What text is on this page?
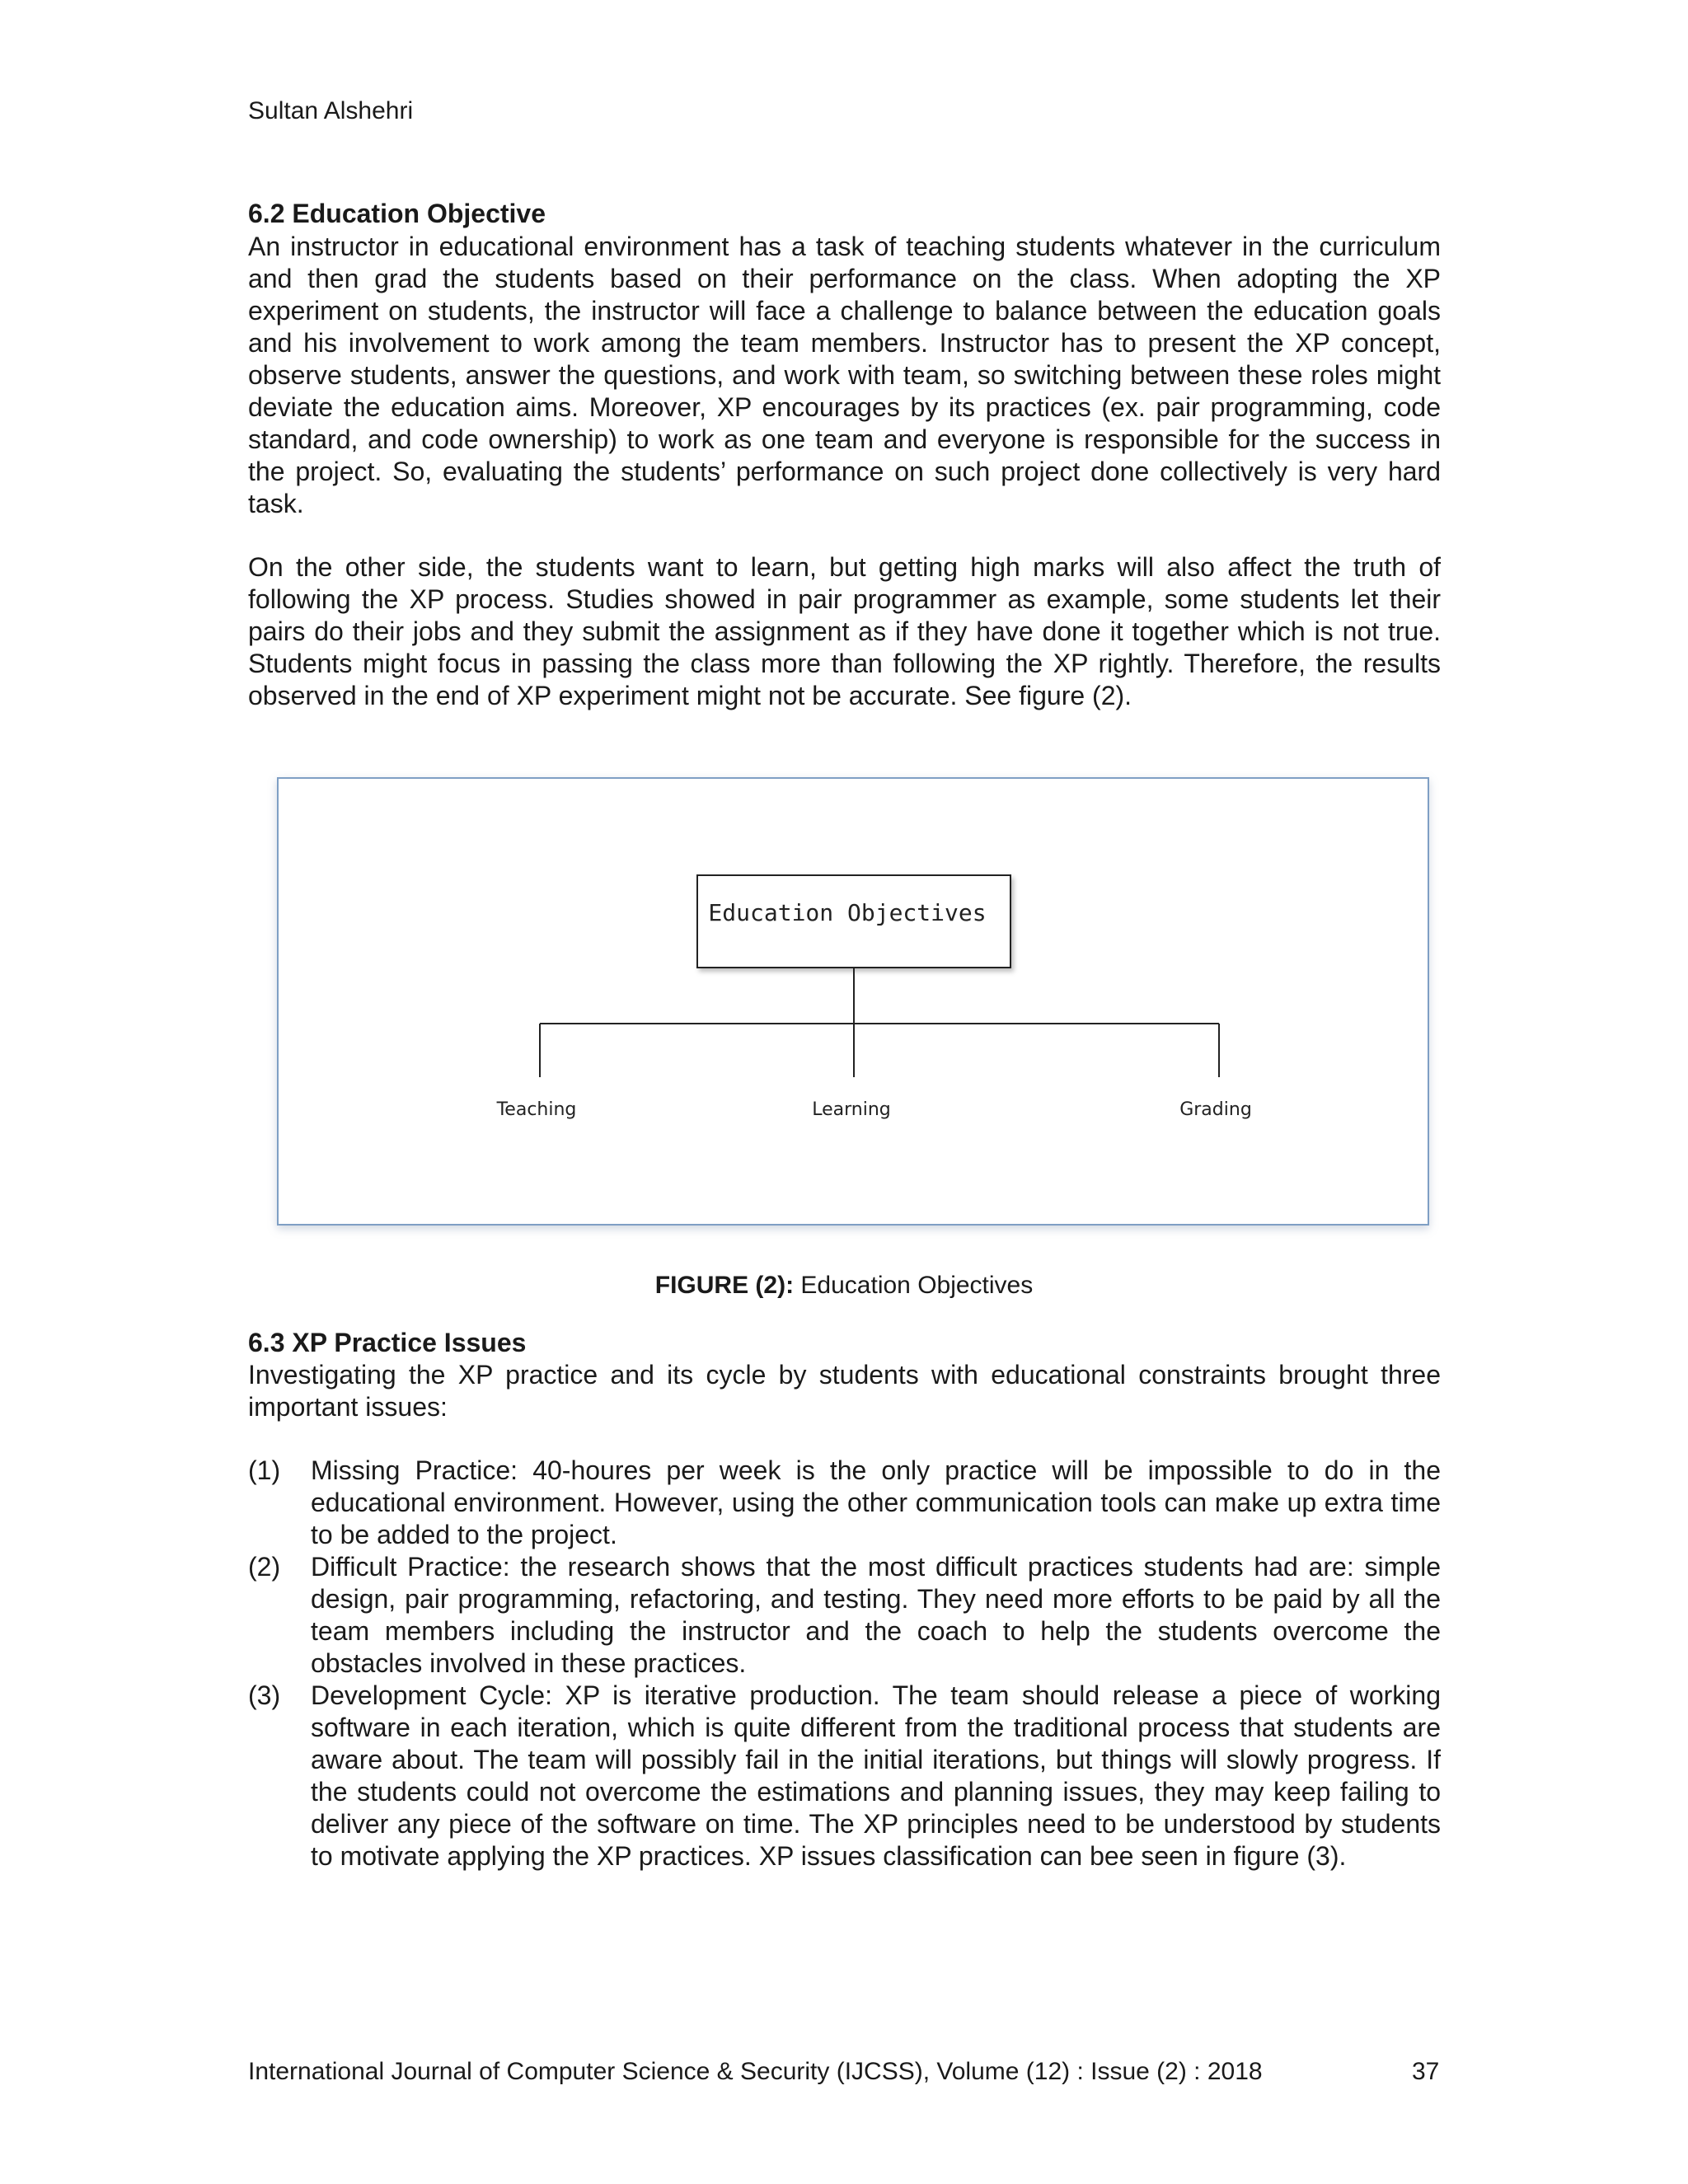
Sultan Alshehri
6.2 Education Objective

An instructor in educational environment has a task of teaching students whatever in the curriculum and then grad the students based on their performance on the class. When adopting the XP experiment on students, the instructor will face a challenge to balance between the education goals and his involvement to work among the team members. Instructor has to present the XP concept, observe students, answer the questions, and work with team, so switching between these roles might deviate the education aims. Moreover, XP encourages by its practices (ex. pair programming, code standard, and code ownership) to work as one team and everyone is responsible for the success in the project. So, evaluating the students’ performance on such project done collectively is very hard task.

On the other side, the students want to learn, but getting high marks will also affect the truth of following the XP process. Studies showed in pair programmer as example, some students let their pairs do their jobs and they submit the assignment as if they have done it together which is not true. Students might focus in passing the class more than following the XP rightly. Therefore, the results observed in the end of XP experiment might not be accurate. See figure (2).

Education Objectives
Teaching	Learning	Grading
FIGURE (2): Education Objectives
6.3 XP Practice Issues

Investigating the XP practice and its cycle by students with educational constraints brought three important issues:

(1) Missing Practice: 40-houres per week is the only practice will be impossible to do in the educational environment. However, using the other communication tools can make up extra time to be added to the project.
(2) Difficult Practice: the research shows that the most difficult practices students had are: simple design, pair programming, refactoring, and testing. They need more efforts to be paid by all the team members including the instructor and the coach to help the students overcome the obstacles involved in these practices.
(3) Development Cycle: XP is iterative production. The team should release a piece of working software in each iteration, which is quite different from the traditional process that students are aware about. The team will possibly fail in the initial iterations, but things will slowly progress. If the students could not overcome the estimations and planning issues, they may keep failing to deliver any piece of the software on time. The XP principles need to be understood by students to motivate applying the XP practices. XP issues classification can bee seen in figure (3).
International Journal of Computer Science & Security (IJCSS), Volume (12) : Issue (2) : 2018	37
